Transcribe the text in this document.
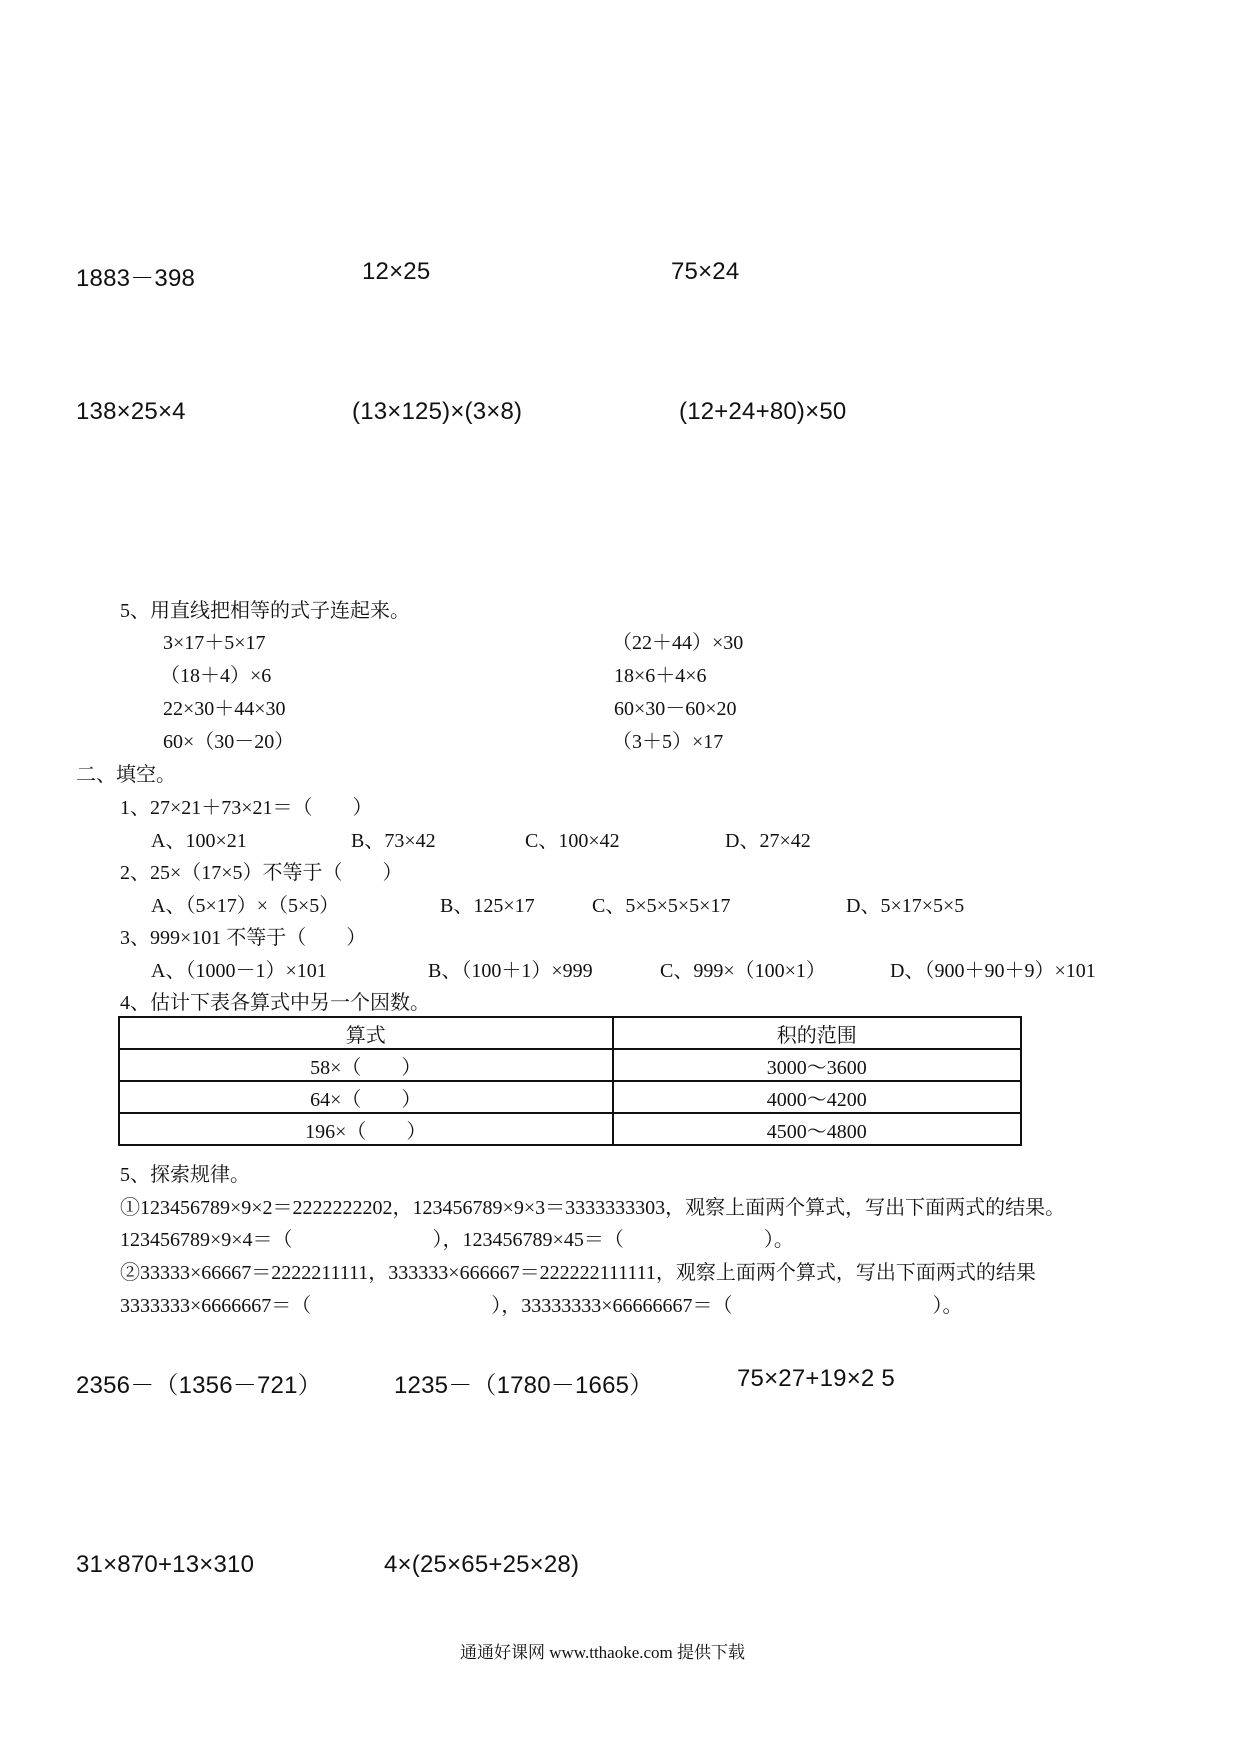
1883－398	12×25	75×24
138×25×4	(13×125)×(3×8)	(12+24+80)×50
5、用直线把相等的式子连起来。
3×17＋5×17
（18＋4）×6
22×30＋44×30
60×（30－20）
（22＋44）×30
18×6＋4×6
60×30－60×20
（3＋5）×17
二、填空。
1、27×21＋73×21＝（　　）
A、100×21	B、73×42	C、100×42	D、27×42
2、25×（17×5）不等于（　　）
A、（5×17）×（5×5）	B、125×17	C、5×5×5×5×17	D、5×17×5×5
3、999×101 不等于（　　）
A、（1000－1）×101	B、（100＋1）×999	C、999×（100×1）	D、（900＋90＋9）×101
4、估计下表各算式中另一个因数。
算式	积的范围
58×（　　）	3000～3600
64×（　　）	4000～4200
196×（　　）	4500～4800
5、探索规律。
①123456789×9×2＝2222222202，123456789×9×3＝3333333303，观察上面两个算式，写出下面两式的结果。
123456789×9×4＝（　　　　　　　），123456789×45＝（　　　　　　　）。
②33333×66667＝2222211111，333333×666667＝222222111111，观察上面两个算式，写出下面两式的结果
3333333×6666667＝（　　　　　　　　　），33333333×66666667＝（　　　　　　　　　　）。
2356－（1356－721）	1235－（1780－1665）	75×27+19×2 5
31×870+13×310	4×(25×65+25×28)
通通好课网 www.tthaoke.com 提供下载
